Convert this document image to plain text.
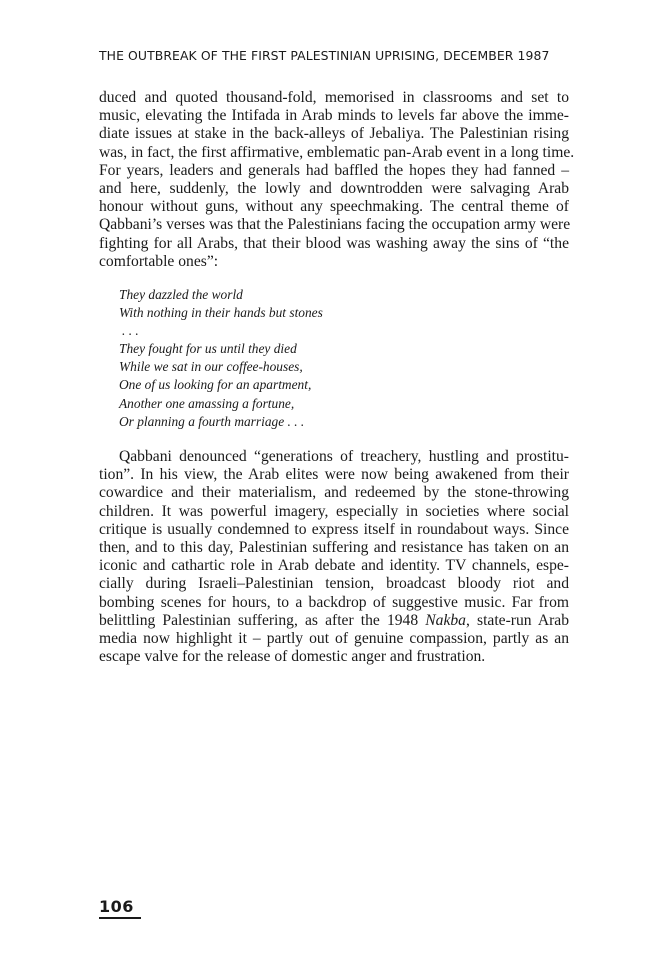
THE OUTBREAK OF THE FIRST PALESTINIAN UPRISING, DECEMBER 1987
duced and quoted thousand-fold, memorised in classrooms and set to
music, elevating the Intifada in Arab minds to levels far above the imme-
diate issues at stake in the back-alleys of Jebaliya. The Palestinian rising
was, in fact, the first affirmative, emblematic pan-Arab event in a long time.
For years, leaders and generals had baffled the hopes they had fanned –
and here, suddenly, the lowly and downtrodden were salvaging Arab
honour without guns, without any speechmaking. The central theme of
Qabbani’s verses was that the Palestinians facing the occupation army were
fighting for all Arabs, that their blood was washing away the sins of “the
comfortable ones”:
They dazzled the world
With nothing in their hands but stones
. . .
They fought for us until they died
While we sat in our coffee-houses,
One of us looking for an apartment,
Another one amassing a fortune,
Or planning a fourth marriage . . .
Qabbani denounced “generations of treachery, hustling and prostitu-
tion”. In his view, the Arab elites were now being awakened from their
cowardice and their materialism, and redeemed by the stone-throwing
children. It was powerful imagery, especially in societies where social
critique is usually condemned to express itself in roundabout ways. Since
then, and to this day, Palestinian suffering and resistance has taken on an
iconic and cathartic role in Arab debate and identity. TV channels, espe-
cially during Israeli–Palestinian tension, broadcast bloody riot and
bombing scenes for hours, to a backdrop of suggestive music. Far from
belittling Palestinian suffering, as after the 1948 Nakba, state-run Arab
media now highlight it – partly out of genuine compassion, partly as an
escape valve for the release of domestic anger and frustration.
106
